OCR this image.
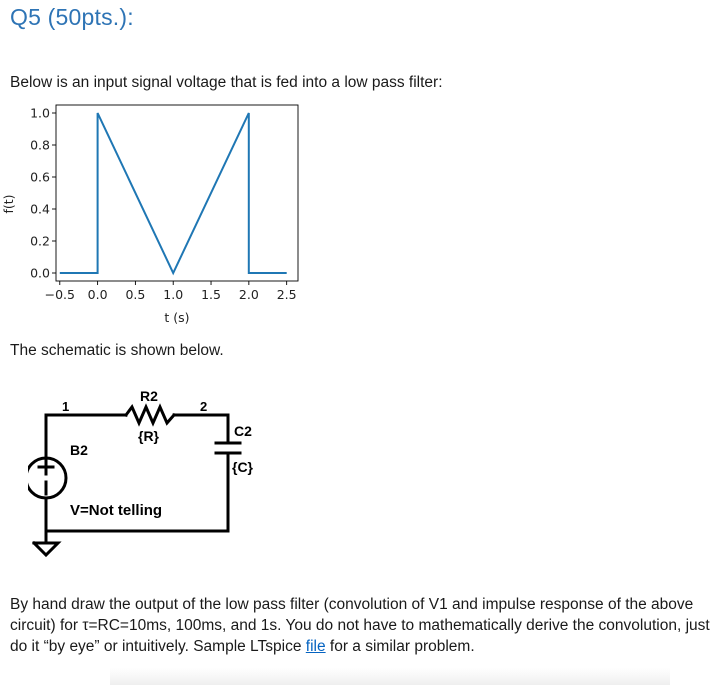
Q5 (50pts.):
Below is an input signal voltage that is fed into a low pass filter:
0.0
0.2
0.4
0.6
0.8
1.0
−0.5 0.0 0.5 1.0 1.5 2.0 2.5
t (s)
f(t)
The schematic is shown below.
1	2
R2
{R}	C2
{C}
B2
V=Not telling
By hand draw the output of the low pass filter (convolution of V1 and impulse response of the above
circuit) for τ=RC=10ms, 100ms, and 1s. You do not have to mathematically derive the convolution, just
do it “by eye” or intuitively. Sample LTspice file for a similar problem.
